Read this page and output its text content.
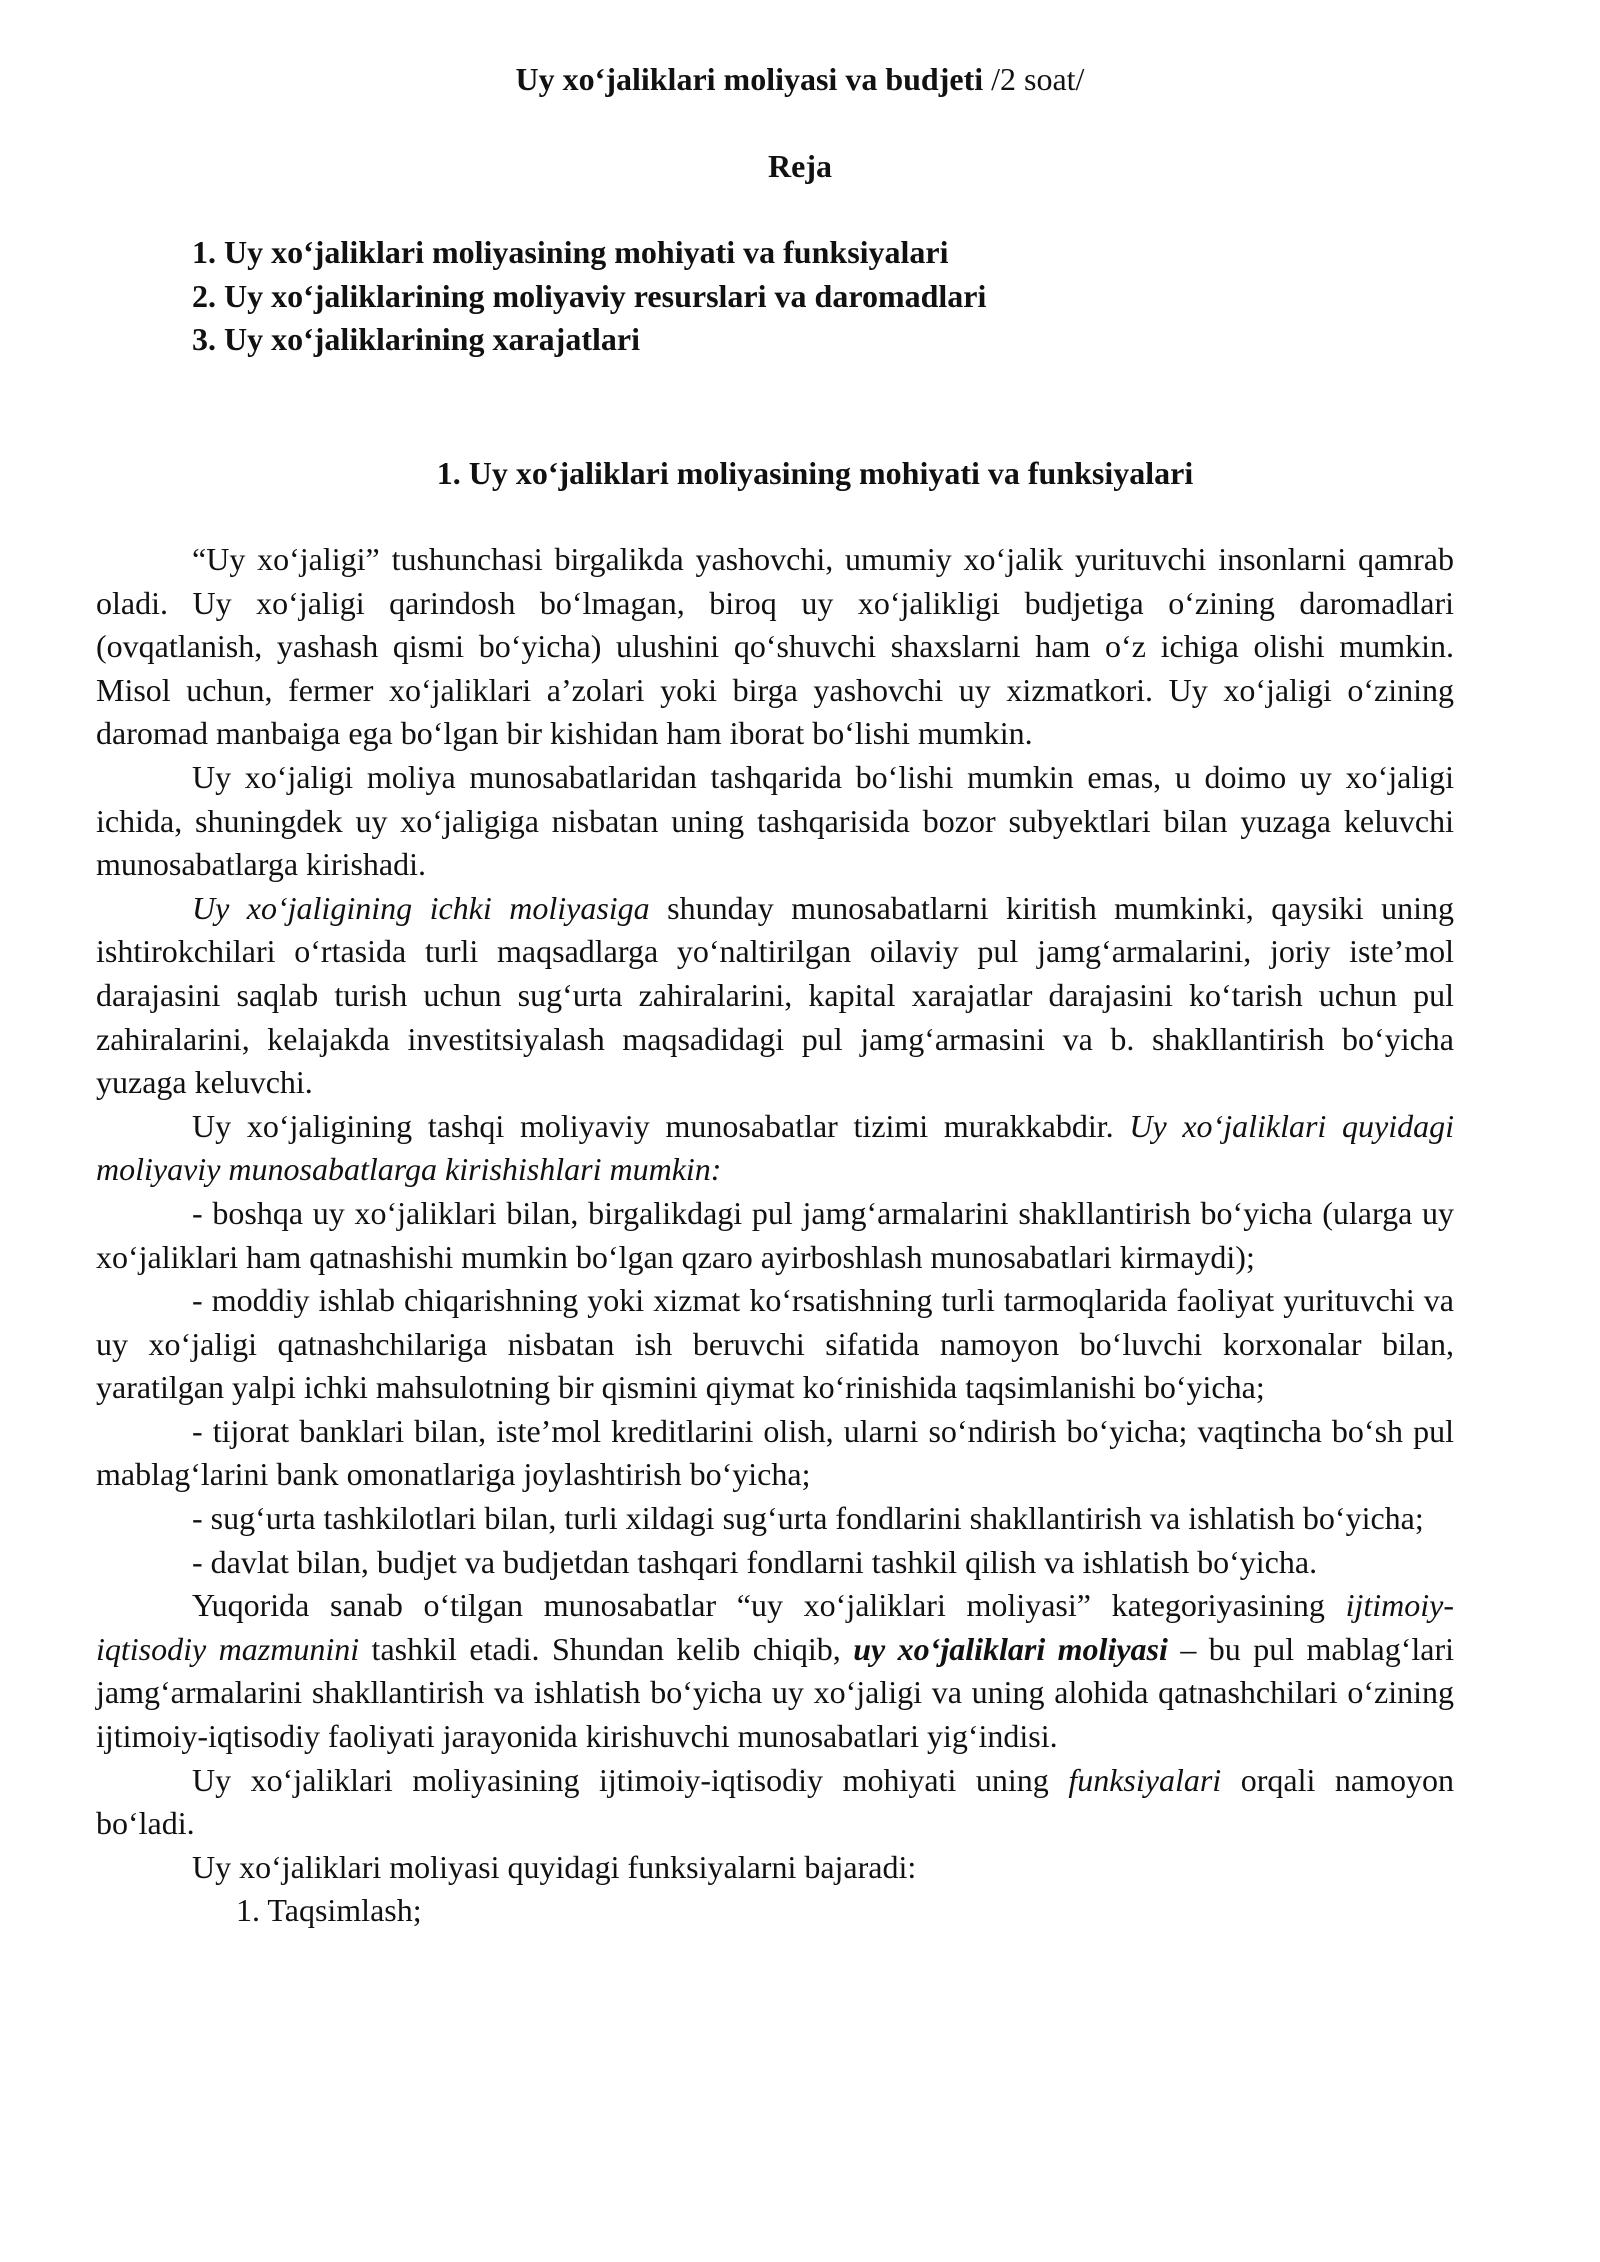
Uy xo‘jaliklari moliyasi va budjeti /2 soat/
Reja
1. Uy xo‘jaliklari moliyasining mohiyati va funksiyalari
2. Uy xo‘jaliklarining moliyaviy resurslari va daromadlari
3. Uy xo‘jaliklarining xarajatlari
1. Uy xo‘jaliklari moliyasining mohiyati va funksiyalari

“Uy xo‘jaligi” tushunchasi birgalikda yashovchi, umumiy xo‘jalik yurituvchi insonlarni qamrab oladi. Uy xo‘jaligi qarindosh bo‘lmagan, biroq uy xo‘jalikligi budjetiga o‘zining daromadlari (ovqatlanish, yashash qismi bo‘yicha) ulushini qo‘shuvchi shaxslarni ham o‘z ichiga olishi mumkin. Misol uchun, fermer xo‘jaliklari a’zolari yoki birga yashovchi uy xizmatkori. Uy xo‘jaligi o‘zining daromad manbaiga ega bo‘lgan bir kishidan ham iborat bo‘lishi mumkin.

Uy xo‘jaligi moliya munosabatlaridan tashqarida bo‘lishi mumkin emas, u doimo uy xo‘jaligi ichida, shuningdek uy xo‘jaligiga nisbatan uning tashqarisida bozor subyektlari bilan yuzaga keluvchi munosabatlarga kirishadi.

Uy xo‘jaligining ichki moliyasiga shunday munosabatlarni kiritish mumkinki, qaysiki uning ishtirokchilari o‘rtasida turli maqsadlarga yo‘naltirilgan oilaviy pul jamg‘armalarini, joriy iste’mol darajasini saqlab turish uchun sug‘urta zahiralarini, kapital xarajatlar darajasini ko‘tarish uchun pul zahiralarini, kelajakda investitsiyalash maqsadidagi pul jamg‘armasini va b. shakllantirish bo‘yicha yuzaga keluvchi.

Uy xo‘jaligining tashqi moliyaviy munosabatlar tizimi murakkabdir. Uy xo‘jaliklari quyidagi moliyaviy munosabatlarga kirishishlari mumkin:

- boshqa uy xo‘jaliklari bilan, birgalikdagi pul jamg‘armalarini shakllantirish bo‘yicha (ularga uy xo‘jaliklari ham qatnashishi mumkin bo‘lgan qzaro ayirboshlash munosabatlari kirmaydi);

- moddiy ishlab chiqarishning yoki xizmat ko‘rsatishning turli tarmoqlarida faoliyat yurituvchi va uy xo‘jaligi qatnashchilariga nisbatan ish beruvchi sifatida namoyon bo‘luvchi korxonalar bilan, yaratilgan yalpi ichki mahsulotning bir qismini qiymat ko‘rinishida taqsimlanishi bo‘yicha;

- tijorat banklari bilan, iste’mol kreditlarini olish, ularni so‘ndirish bo‘yicha; vaqtincha bo‘sh pul mablag‘larini bank omonatlariga joylashtirish bo‘yicha;

- sug‘urta tashkilotlari bilan, turli xildagi sug‘urta fondlarini shakllantirish va ishlatish bo‘yicha;

- davlat bilan, budjet va budjetdan tashqari fondlarni tashkil qilish va ishlatish bo‘yicha.

Yuqorida sanab o‘tilgan munosabatlar “uy xo‘jaliklari moliyasi” kategoriyasining ijtimoiy-iqtisodiy mazmunini tashkil etadi. Shundan kelib chiqib, uy xo‘jaliklari moliyasi – bu pul mablag‘lari jamg‘armalarini shakllantirish va ishlatish bo‘yicha uy xo‘jaligi va uning alohida qatnashchilari o‘zining ijtimoiy-iqtisodiy faoliyati jarayonida kirishuvchi munosabatlari yig‘indisi.

Uy xo‘jaliklari moliyasining ijtimoiy-iqtisodiy mohiyati uning funksiyalari orqali namoyon bo‘ladi.

Uy xo‘jaliklari moliyasi quyidagi funksiyalarni bajaradi:

1. Taqsimlash;
